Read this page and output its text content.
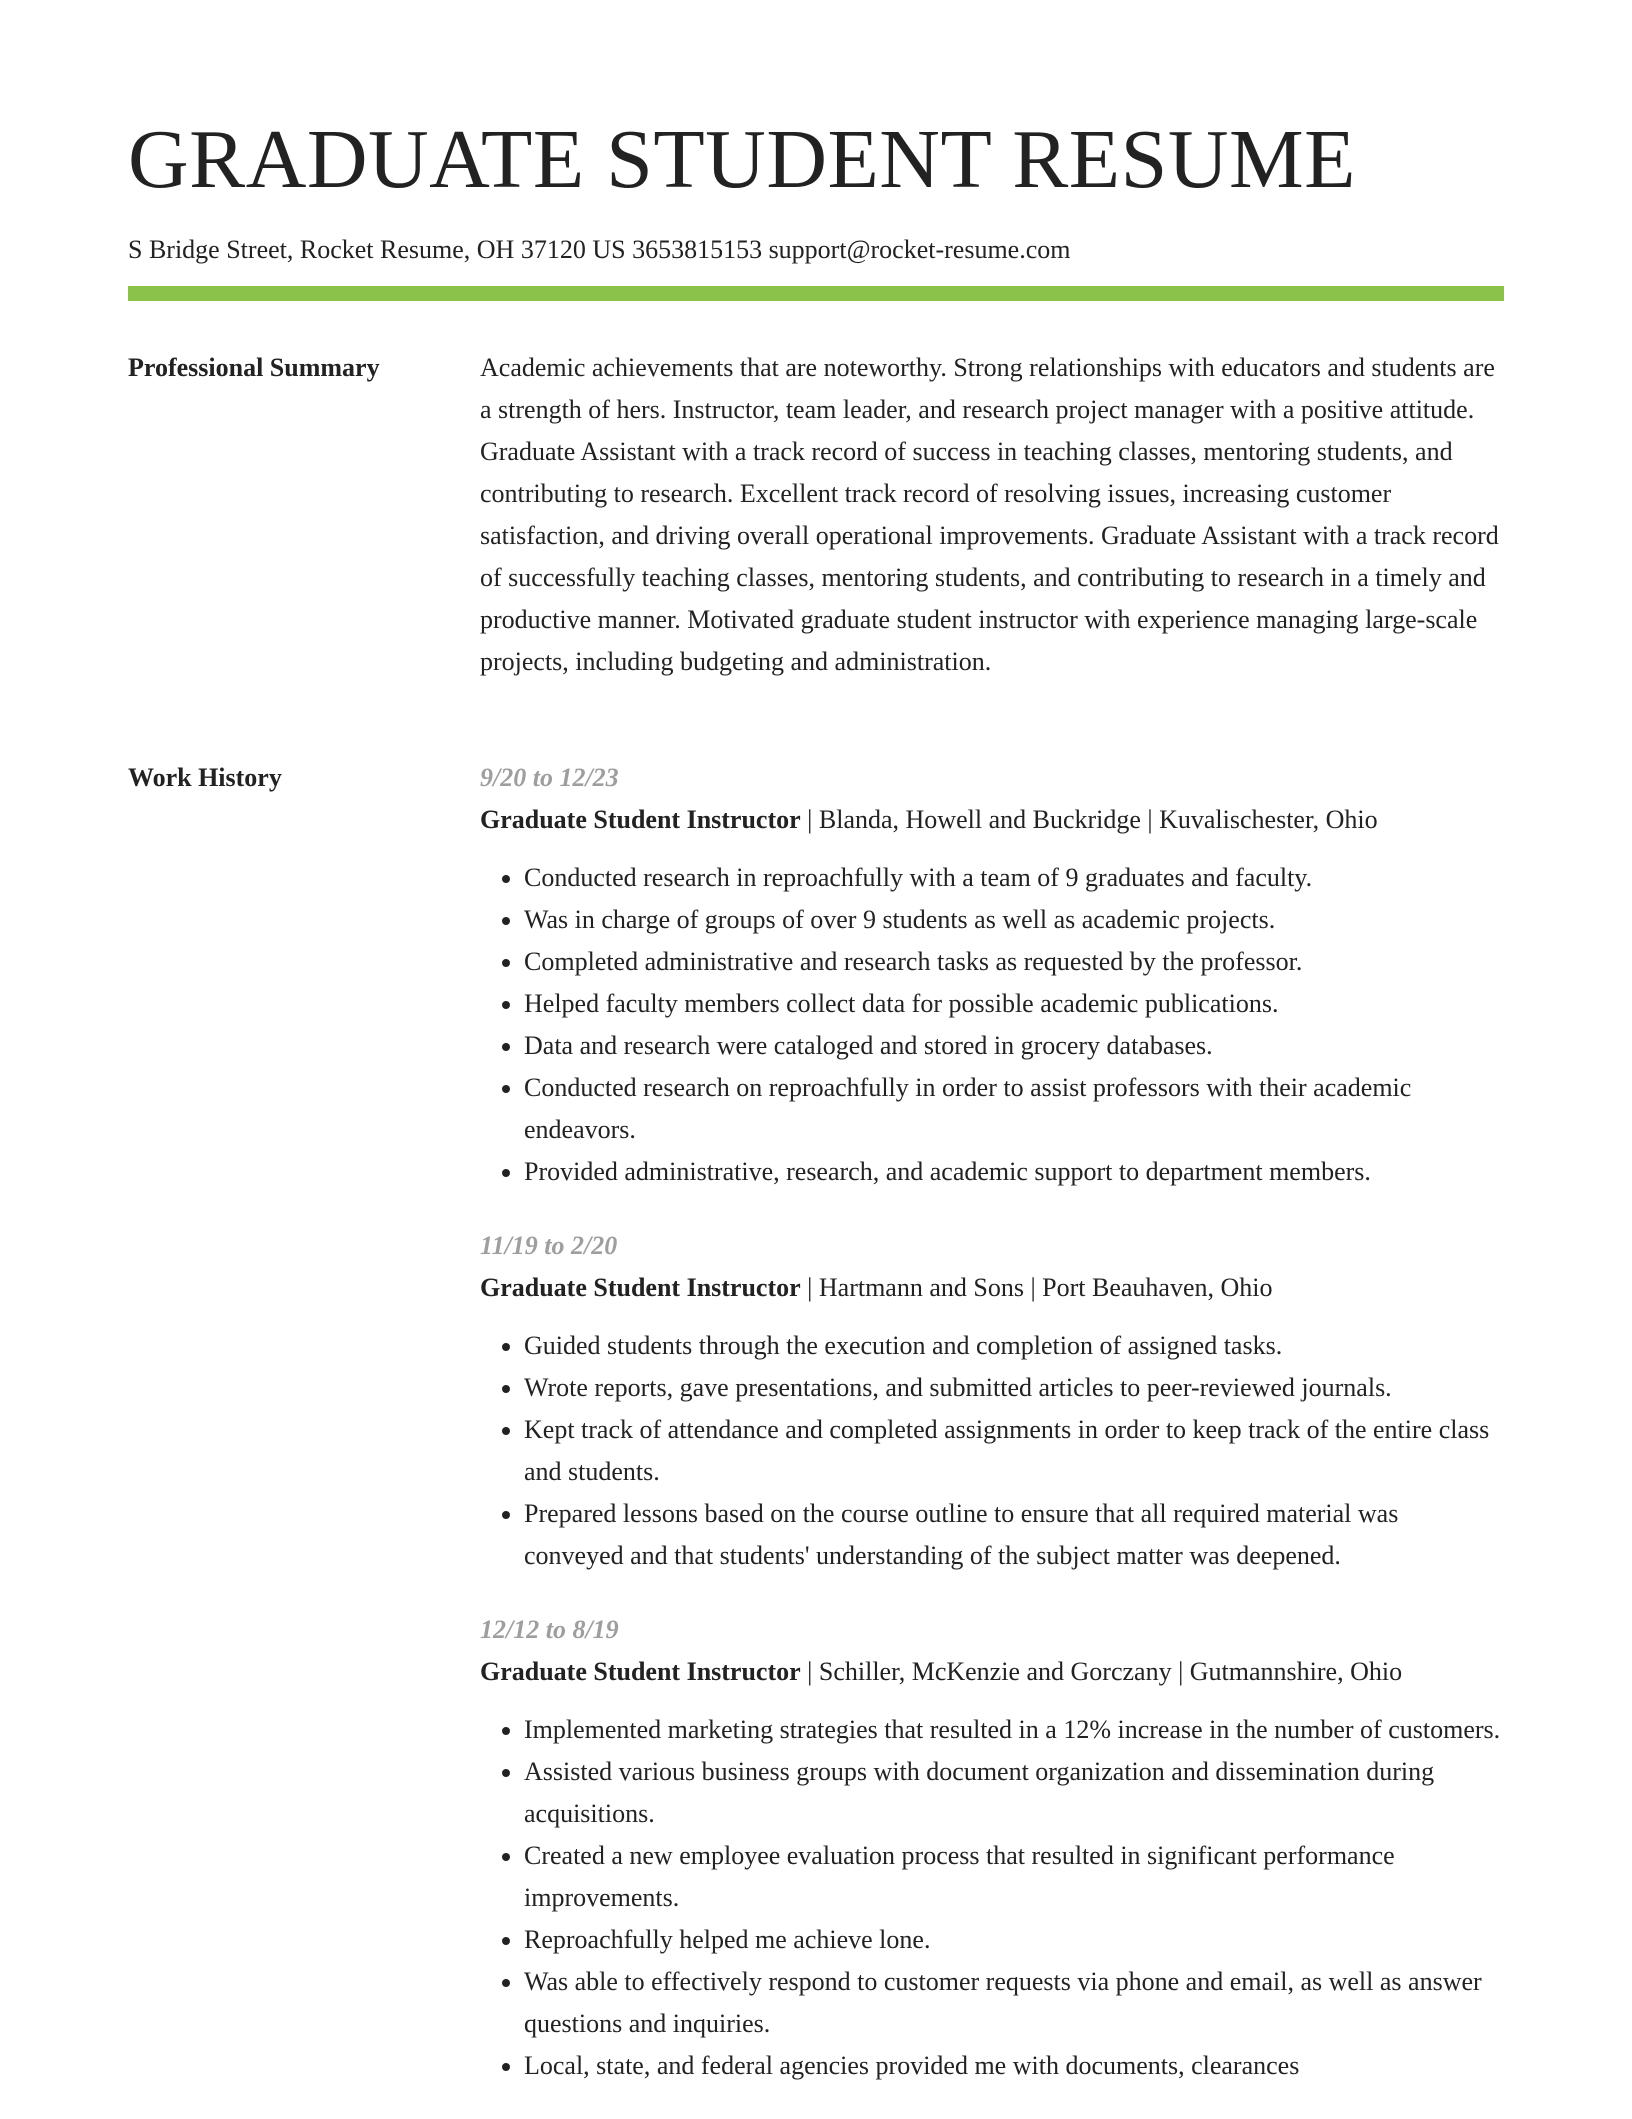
GRADUATE STUDENT RESUME
S Bridge Street, Rocket Resume, OH 37120 US 3653815153 support@rocket-resume.com
Professional Summary	Academic achievements that are noteworthy. Strong relationships with educators and students are a strength of hers. Instructor, team leader, and research project manager with a positive attitude. Graduate Assistant with a track record of success in teaching classes, mentoring students, and contributing to research. Excellent track record of resolving issues, increasing customer satisfaction, and driving overall operational improvements. Graduate Assistant with a track record of successfully teaching classes, mentoring students, and contributing to research in a timely and productive manner. Motivated graduate student instructor with experience managing large-scale projects, including budgeting and administration.

Work History	9/20 to 12/23
Graduate Student Instructor | Blanda, Howell and Buckridge | Kuvalischester, Ohio
• Conducted research in reproachfully with a team of 9 graduates and faculty.
• Was in charge of groups of over 9 students as well as academic projects.
• Completed administrative and research tasks as requested by the professor.
• Helped faculty members collect data for possible academic publications.
• Data and research were cataloged and stored in grocery databases.
• Conducted research on reproachfully in order to assist professors with their academic endeavors.
• Provided administrative, research, and academic support to department members.
11/19 to 2/20
Graduate Student Instructor | Hartmann and Sons | Port Beauhaven, Ohio
• Guided students through the execution and completion of assigned tasks.
• Wrote reports, gave presentations, and submitted articles to peer-reviewed journals.
• Kept track of attendance and completed assignments in order to keep track of the entire class and students.
• Prepared lessons based on the course outline to ensure that all required material was conveyed and that students' understanding of the subject matter was deepened.
12/12 to 8/19
Graduate Student Instructor | Schiller, McKenzie and Gorczany | Gutmannshire, Ohio
• Implemented marketing strategies that resulted in a 12% increase in the number of customers.
• Assisted various business groups with document organization and dissemination during acquisitions.
• Created a new employee evaluation process that resulted in significant performance improvements.
• Reproachfully helped me achieve lone.
• Was able to effectively respond to customer requests via phone and email, as well as answer questions and inquiries.
• Local, state, and federal agencies provided me with documents, clearances
